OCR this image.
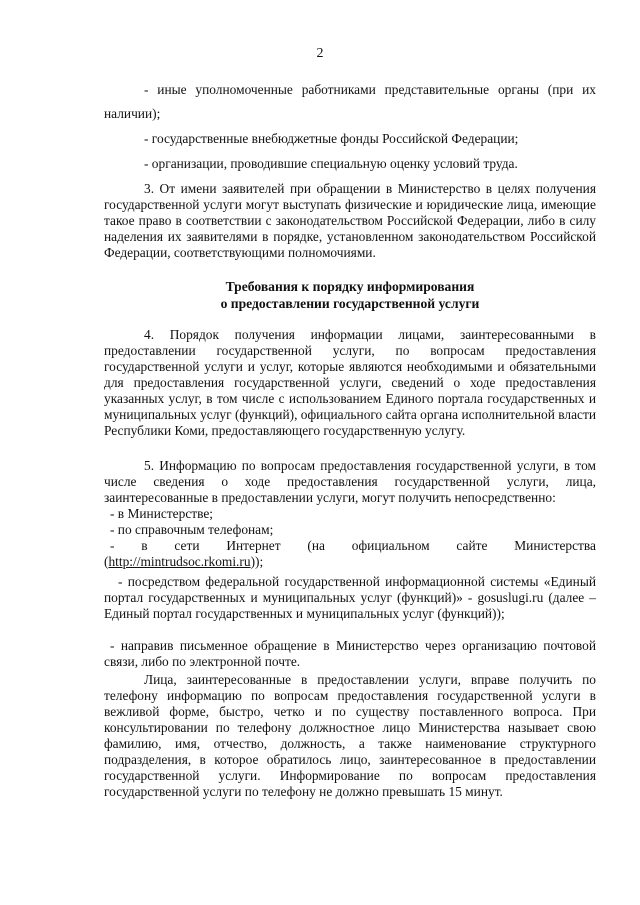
2

- иные уполномоченные работниками представительные органы (при их

наличии);

- государственные внебюджетные фонды Российской Федерации;

- организации, проводившие специальную оценку условий труда.

3. От имени заявителей при обращении в Министерство в целях получения государственной услуги могут выступать физические и юридические лица, имеющие такое право в соответствии с законодательством Российской Федерации, либо в силу наделения их заявителями в порядке, установленном законодательством Российской Федерации, соответствующими полномочиями.

Требования к порядку информирования
о предоставлении государственной услуги

4. Порядок получения информации лицами, заинтересованными в предоставлении государственной услуги, по вопросам предоставления государственной услуги и услуг, которые являются необходимыми и обязательными для предоставления государственной услуги, сведений о ходе предоставления указанных услуг, в том числе с использованием Единого портала государственных и муниципальных услуг (функций), официального сайта органа исполнительной власти Республики Коми, предоставляющего государственную услугу.

5. Информацию по вопросам предоставления государственной услуги, в том числе сведения о ходе предоставления государственной услуги, лица, заинтересованные в предоставлении услуги, могут получить непосредственно:

- в Министерстве;

- по справочным телефонам;

- в сети Интернет (на официальном сайте Министерства

(http://mintrudsoc.rkomi.ru));

- посредством федеральной государственной информационной системы «Единый портал государственных и муниципальных услуг (функций)» - gosuslugi.ru (далее – Единый портал государственных и муниципальных услуг (функций));

- направив письменное обращение в Министерство через организацию почтовой связи, либо по электронной почте.

Лица, заинтересованные в предоставлении услуги, вправе получить по телефону информацию по вопросам предоставления государственной услуги в вежливой форме, быстро, четко и по существу поставленного вопроса. При консультировании по телефону должностное лицо Министерства называет свою фамилию, имя, отчество, должность, а также наименование структурного подразделения, в которое обратилось лицо, заинтересованное в предоставлении государственной услуги. Информирование по вопросам предоставления государственной услуги по телефону не должно превышать 15 минут.
